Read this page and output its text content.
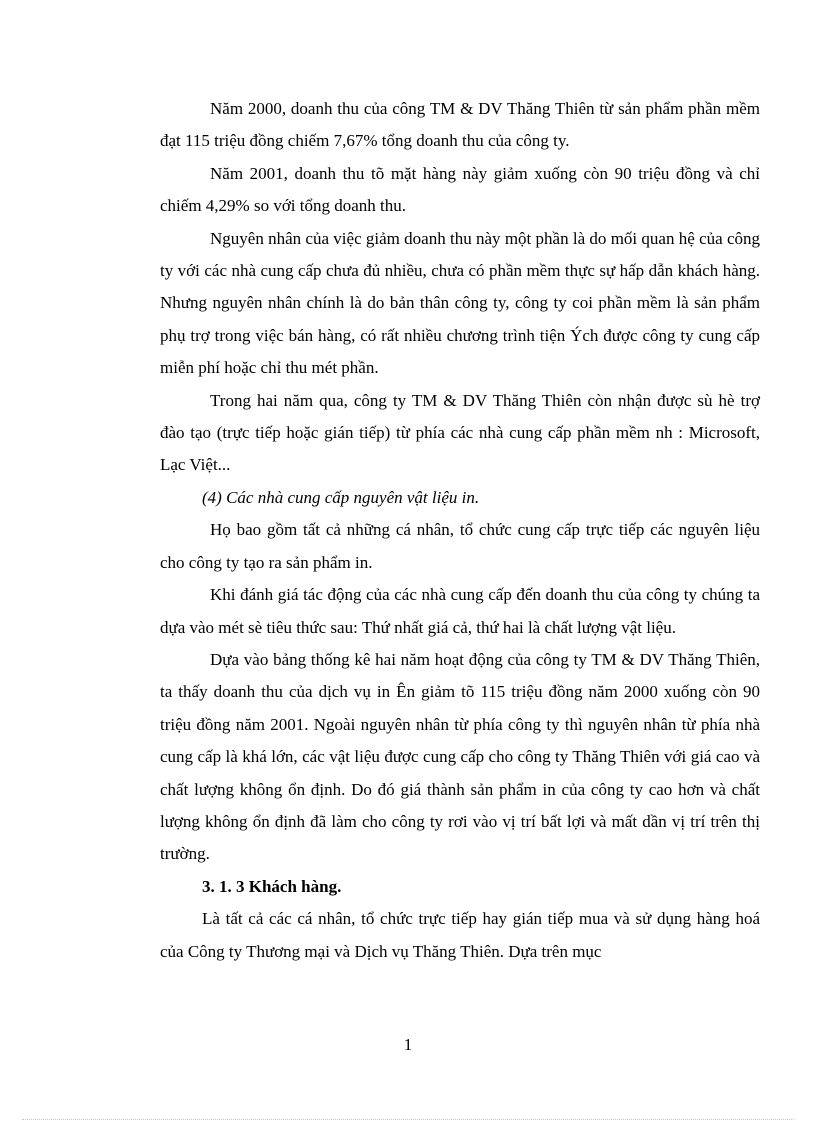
Năm 2000, doanh thu của công TM & DV Thăng Thiên từ sản phẩm phần mềm đạt 115 triệu đồng chiếm 7,67% tổng doanh thu của công ty.

Năm 2001, doanh thu tõ mặt hàng này giảm xuống còn 90 triệu đồng và chỉ chiếm 4,29% so với tổng doanh thu.

Nguyên nhân của việc giảm doanh thu này một phần là do mối quan hệ của công ty với các nhà cung cấp chưa đủ nhiều, chưa có phần mềm thực sự hấp dẫn khách hàng. Nhưng nguyên nhân chính là do bản thân công ty, công ty coi phần mềm là sản phẩm phụ trợ trong việc bán hàng, có rất nhiều chương trình tiện Ých được công ty cung cấp miễn phí hoặc chỉ thu mét phần.

Trong hai năm qua, công ty TM & DV Thăng Thiên còn nhận được sù hè trợ đào tạo (trực tiếp hoặc gián tiếp) từ phía các nhà cung cấp phần mềm nh : Microsoft, Lạc Việt...

(4) Các nhà cung cấp nguyên vật liệu in.

Họ bao gồm tất cả những cá nhân, tổ chức cung cấp trực tiếp các nguyên liệu cho công ty tạo ra sản phẩm in.

Khi đánh giá tác động của các nhà cung cấp đến doanh thu của công ty chúng ta dựa vào mét sè tiêu thức sau: Thứ nhất giá cả, thứ hai là chất lượng vật liệu.

Dựa vào bảng thống kê hai năm hoạt động của công ty TM & DV Thăng Thiên, ta thấy doanh thu của dịch vụ in Ên giảm tõ 115 triệu đồng năm 2000 xuống còn 90 triệu đồng năm 2001. Ngoài nguyên nhân từ phía công ty thì nguyên nhân từ phía nhà cung cấp là khá lớn, các vật liệu được cung cấp cho công ty Thăng Thiên với giá cao và chất lượng không ổn định. Do đó giá thành sản phẩm in của công ty cao hơn và chất lượng không ổn định đã làm cho công ty rơi vào vị trí bất lợi và mất dần vị trí trên thị trường.

3. 1. 3 Khách hàng.

Là tất cả các cá nhân, tổ chức trực tiếp hay gián tiếp mua và sử dụng hàng hoá của Công ty Thương mại và Dịch vụ Thăng Thiên. Dựa trên mục

1
